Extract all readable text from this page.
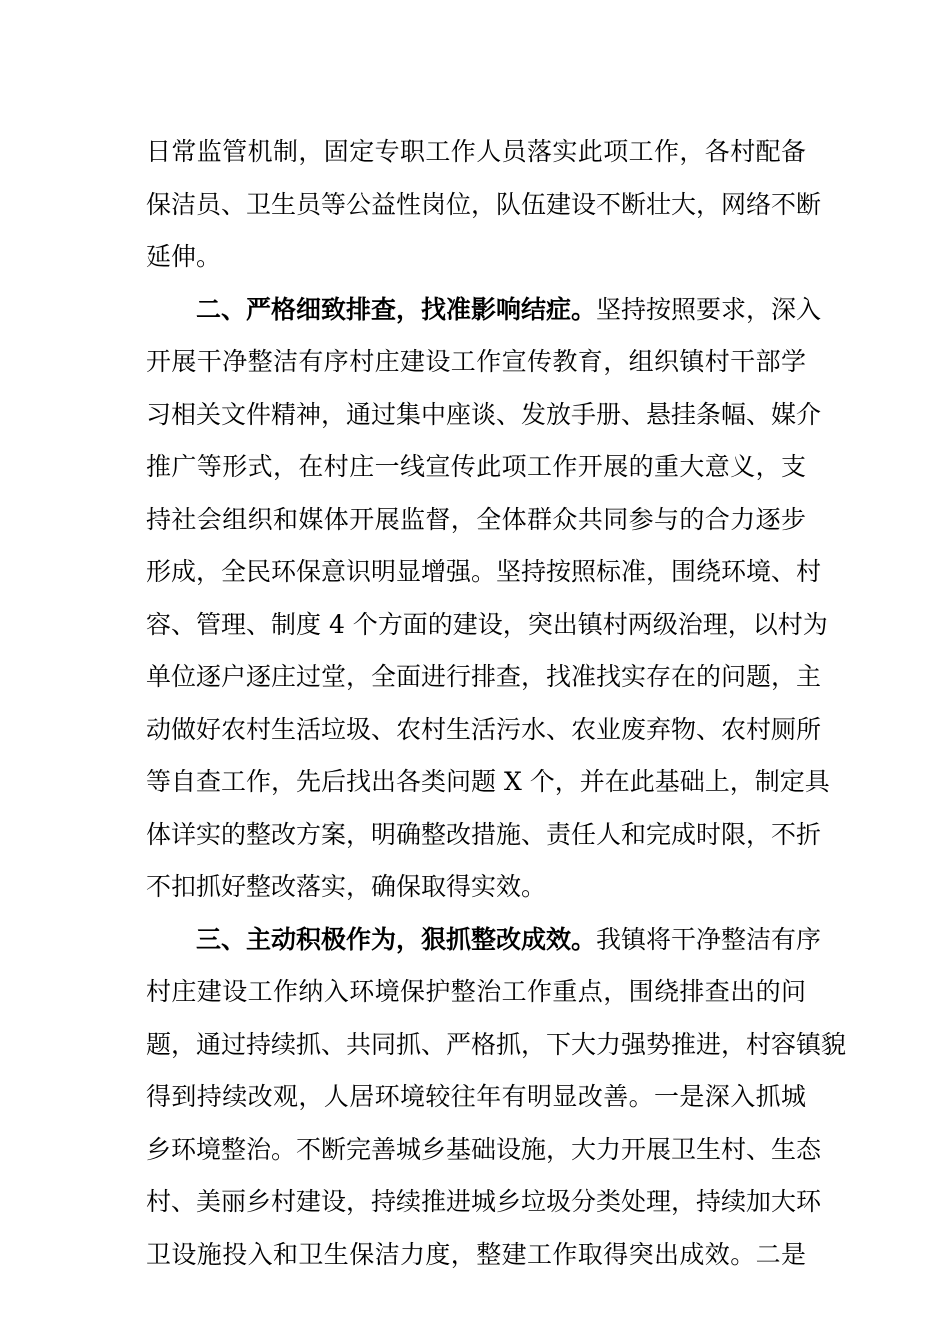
日常监管机制，固定专职工作人员落实此项工作，各村配备
保洁员、卫生员等公益性岗位，队伍建设不断壮大，网络不断
延伸。
二、严格细致排查，找准影响结症。坚持按照要求，深入
开展干净整洁有序村庄建设工作宣传教育，组织镇村干部学
习相关文件精神，通过集中座谈、发放手册、悬挂条幅、媒介
推广等形式，在村庄一线宣传此项工作开展的重大意义，支
持社会组织和媒体开展监督，全体群众共同参与的合力逐步
形成，全民环保意识明显增强。坚持按照标准，围绕环境、村
容、管理、制度 4 个方面的建设，突出镇村两级治理，以村为
单位逐户逐庄过堂，全面进行排查，找准找实存在的问题，主
动做好农村生活垃圾、农村生活污水、农业废弃物、农村厕所
等自查工作，先后找出各类问题 X 个，并在此基础上，制定具
体详实的整改方案，明确整改措施、责任人和完成时限，不折
不扣抓好整改落实，确保取得实效。
三、主动积极作为，狠抓整改成效。我镇将干净整洁有序
村庄建设工作纳入环境保护整治工作重点，围绕排查出的问
题，通过持续抓、共同抓、严格抓，下大力强势推进，村容镇貌
得到持续改观，人居环境较往年有明显改善。一是深入抓城
乡环境整治。不断完善城乡基础设施，大力开展卫生村、生态
村、美丽乡村建设，持续推进城乡垃圾分类处理，持续加大环
卫设施投入和卫生保洁力度，整建工作取得突出成效。二是
